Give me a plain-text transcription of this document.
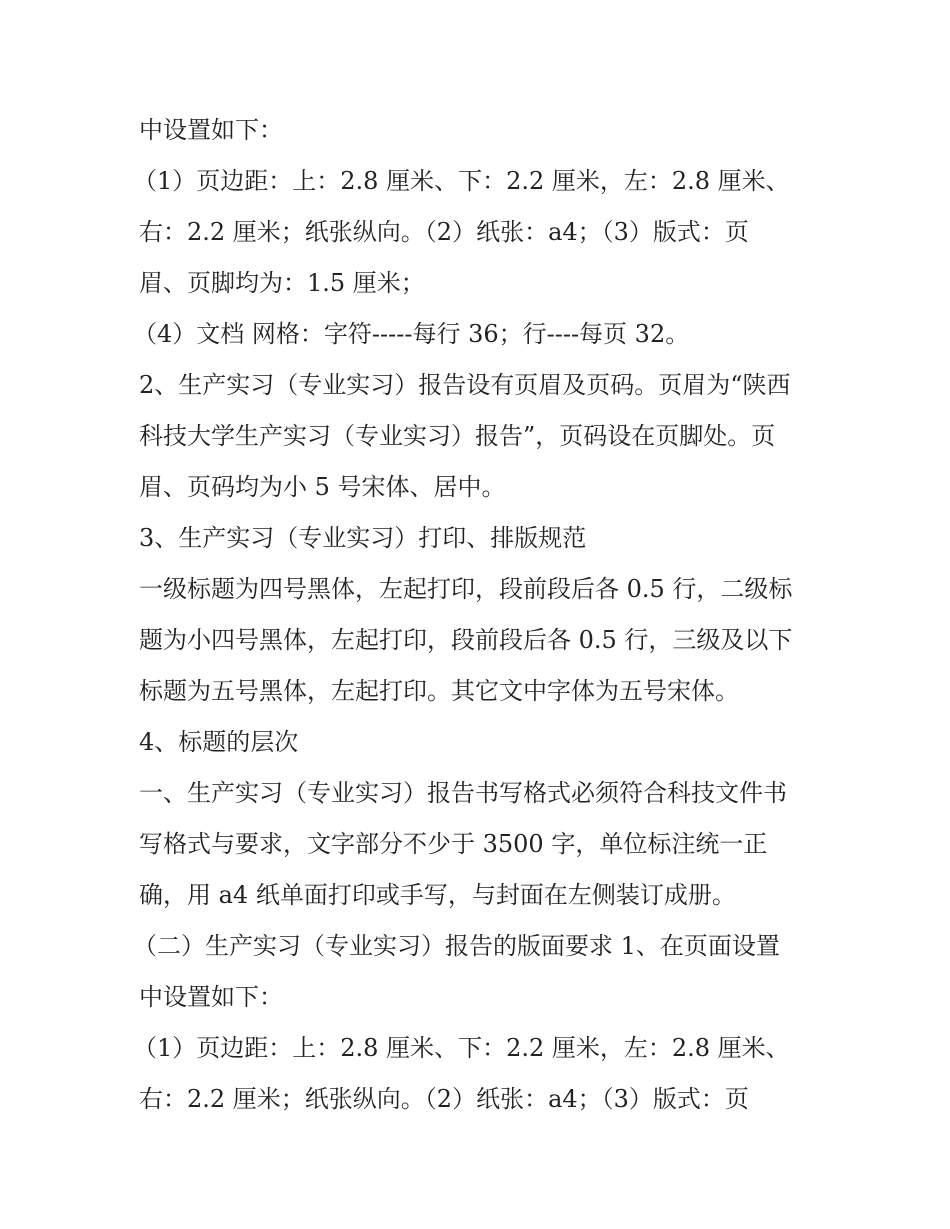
中设置如下：
（1）页边距：上：2.8 厘米、下：2.2 厘米，左：2.8 厘米、
右：2.2 厘米；纸张纵向。（2）纸张：a4；（3）版式：页
眉、页脚均为：1.5 厘米；
（4）文档 网格：字符-----每行 36；行----每页 32。
2、生产实习（专业实习）报告设有页眉及页码。页眉为“陕西
科技大学生产实习（专业实习）报告”，页码设在页脚处。页
眉、页码均为小 5 号宋体、居中。
3、生产实习（专业实习）打印、排版规范
一级标题为四号黑体，左起打印，段前段后各 0.5 行，二级标
题为小四号黑体，左起打印，段前段后各 0.5 行，三级及以下
标题为五号黑体，左起打印。其它文中字体为五号宋体。
4、标题的层次
一、生产实习（专业实习）报告书写格式必须符合科技文件书
写格式与要求，文字部分不少于 3500 字，单位标注统一正
确，用 a4 纸单面打印或手写，与封面在左侧装订成册。
（二）生产实习（专业实习）报告的版面要求 1、在页面设置
中设置如下：
（1）页边距：上：2.8 厘米、下：2.2 厘米，左：2.8 厘米、
右：2.2 厘米；纸张纵向。（2）纸张：a4；（3）版式：页
